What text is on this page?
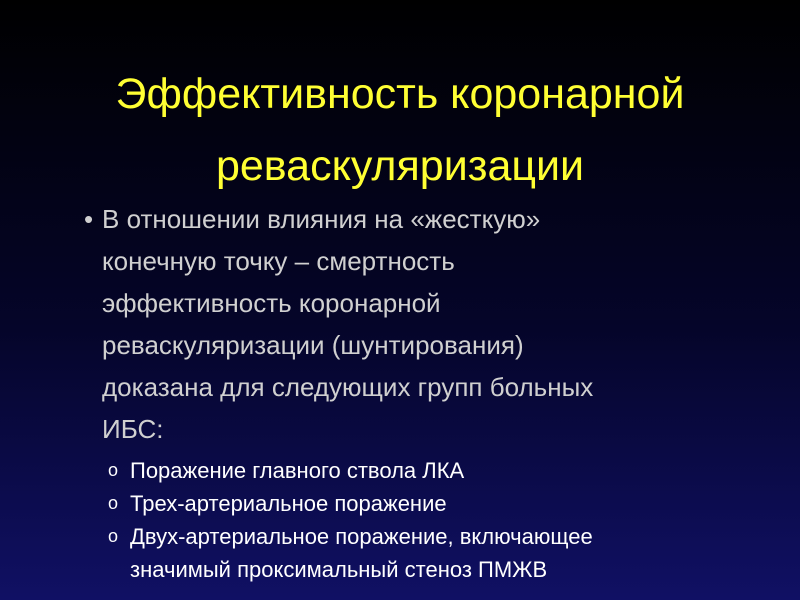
Эффективность коронарной
реваскуляризации
• В отношении влияния на «жесткую»
конечную точку – смертность
эффективность коронарной
реваскуляризации (шунтирования)
доказана для следующих групп больных
ИБС:
o Поражение главного ствола ЛКА
o Трех-артериальное поражение
o Двух-артериальное поражение, включающее
значимый проксимальный стеноз ПМЖВ
